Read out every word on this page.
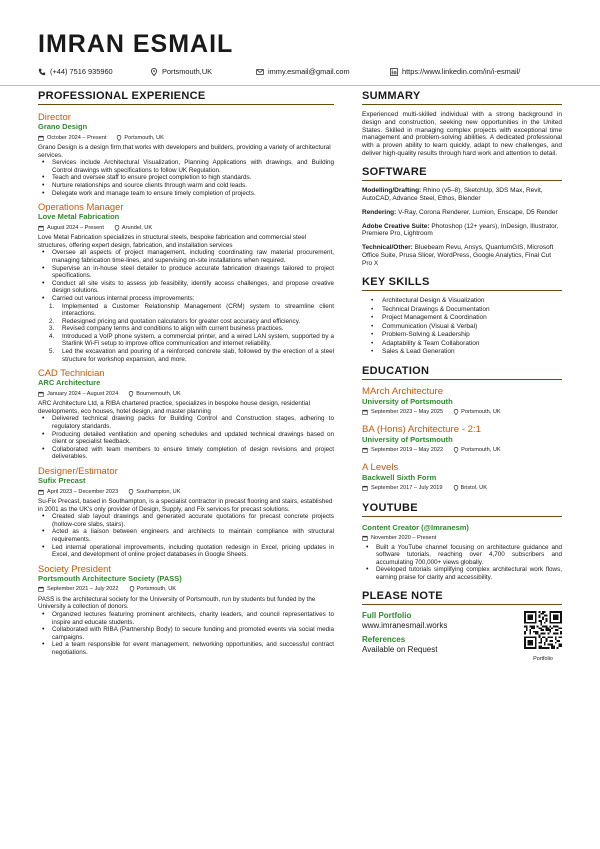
IMRAN ESMAIL
(+44) 7516 935960	Portsmouth,UK	immy.esmail@gmail.com	https://www.linkedin.com/in/i-esmail/
PROFESSIONAL EXPERIENCE
Director
Grano Design
October 2024 – Present	Portsmouth, UK
Grano Design is a design firm that works with developers and builders, providing a variety of architectural services.
• Services include Architectural Visualization, Planning Applications with drawings, and Building Control drawings with specifications to follow UK Regulation.
• Teach and oversee staff to ensure project completion to high standards.
• Nurture relationships and source clients through warm and cold leads.
• Delegate work and manage team to ensure timely completion of projects.
Operations Manager
Love Metal Fabrication
August 2024 – Present	Arundel, UK
Love Metal Fabrication specializes in structural steels, bespoke fabrication and commercial steel structures, offering expert design, fabrication, and installation services
• Oversee all aspects of project management, including coordinating raw material procurement, managing fabrication time-lines, and supervising on-site installations when required.
• Supervise an in-house steel detailer to produce accurate fabrication drawings tailored to project specifications.
• Conduct all site visits to assess job feasibility, identify access challenges, and propose creative design solutions.
• Carried out various internal process improvements:
Implemented a Customer Relationship Management (CRM) system to streamline client interactions.
Redesigned pricing and quotation calculators for greater cost accuracy and efficiency.
Revised company terms and conditions to align with current business practices.
Introduced a VoIP phone system, a commercial printer, and a wired LAN system, supported by a Starlink Wi-Fi setup to improve office communication and internet reliability.
Led the excavation and pouring of a reinforced concrete slab, followed by the erection of a steel structure for workshop expansion, and more.
CAD Technician
ARC Architecture
January 2024 – August 2024	Bournemouth, UK
ARC Architecture Ltd, a RIBA chartered practice, specializes in bespoke house design, residential developments, eco houses, hotel design, and master planning
• Delivered technical drawing packs for Building Control and Construction stages, adhering to regulatory standards.
• Producing detailed ventilation and opening schedules and updated technical drawings based on client or specialist feedback.
• Collaborated with team members to ensure timely completion of design revisions and project deliverables.
Designer/Estimator
Sufix Precast
April 2023 – December 2023	Southampton, UK
Su-Fix Precast, based in Southampton, is a specialist contractor in precast flooring and stairs, established in 2001 as the UK's only provider of Design, Supply, and Fix services for precast solutions.
• Created slab layout drawings and generated accurate quotations for precast concrete projects (hollow-core slabs, stairs).
• Acted as a liaison between engineers and architects to maintain compliance with structural requirements.
• Led internal operational improvements, including quotation redesign in Excel, pricing updates in Excel, and development of online project databases in Google Sheets.
Society President
Portsmouth Architecture Society (PASS)
September 2021 – July 2022	Portsmouth, UK
PASS is the architectural society for the University of Portsmouth, run by students but funded by the University a collection of donors.
• Organized lectures featuring prominent architects, charity leaders, and council representatives to inspire and educate students.
• Collaborated with RIBA (Partnership Body) to secure funding and promoted events via social media campaigns.
• Led a team responsible for event management, networking opportunities, and successful contract negotiations.
SUMMARY
Experienced multi-skilled individual with a strong background in design and construction, seeking new opportunities in the United States. Skilled in managing complex projects with exceptional time management and problem-solving abilities. A dedicated professional with a proven ability to learn quickly, adapt to new challenges, and deliver high-quality results through hard work and attention to detail.
SOFTWARE
Modelling/Drafting: Rhino (v5–8), SketchUp, 3DS Max, Revit, AutoCAD, Advance Steel, Ethos, Blender
Rendering: V-Ray, Corona Renderer, Lumion, Enscape, D5 Render
Adobe Creative Suite: Photoshop (12+ years), InDesign, Illustrator, Premiere Pro, Lightroom
Technical/Other: Bluebeam Revu, Ansys, QuantumGIS, Microsoft Office Suite, Prusa Slicer, WordPress, Google Analytics, Final Cut Pro X
KEY SKILLS
• Architectural Design & Visualization
• Technical Drawings & Documentation
• Project Management & Coordination
• Communication (Visual & Verbal)
• Problem-Solving & Leadership
• Adaptability & Team Collaboration
• Sales & Lead Generation
EDUCATION
MArch Architecture
University of Portsmouth
September 2023 – May 2025	Portsmouth, UK
BA (Hons) Architecture - 2:1
University of Portsmouth
September 2019 – May 2022	Portsmouth, UK
A Levels
Backwell Sixth Form
September 2017 – July 2019	Bristol, UK
YOUTUBE
Content Creator (@Imranesm)
November 2020 – Present
• Built a YouTube channel focusing on architecture guidance and software tutorials, reaching over 4,700 subscribers and accumulating 700,000+ views globally.
• Developed tutorials simplifying complex architectural work flows, earning praise for clarity and accessibility.
PLEASE NOTE
Full Portfolio
www.imranesmail.works
References
Available on Request
Portfolio
